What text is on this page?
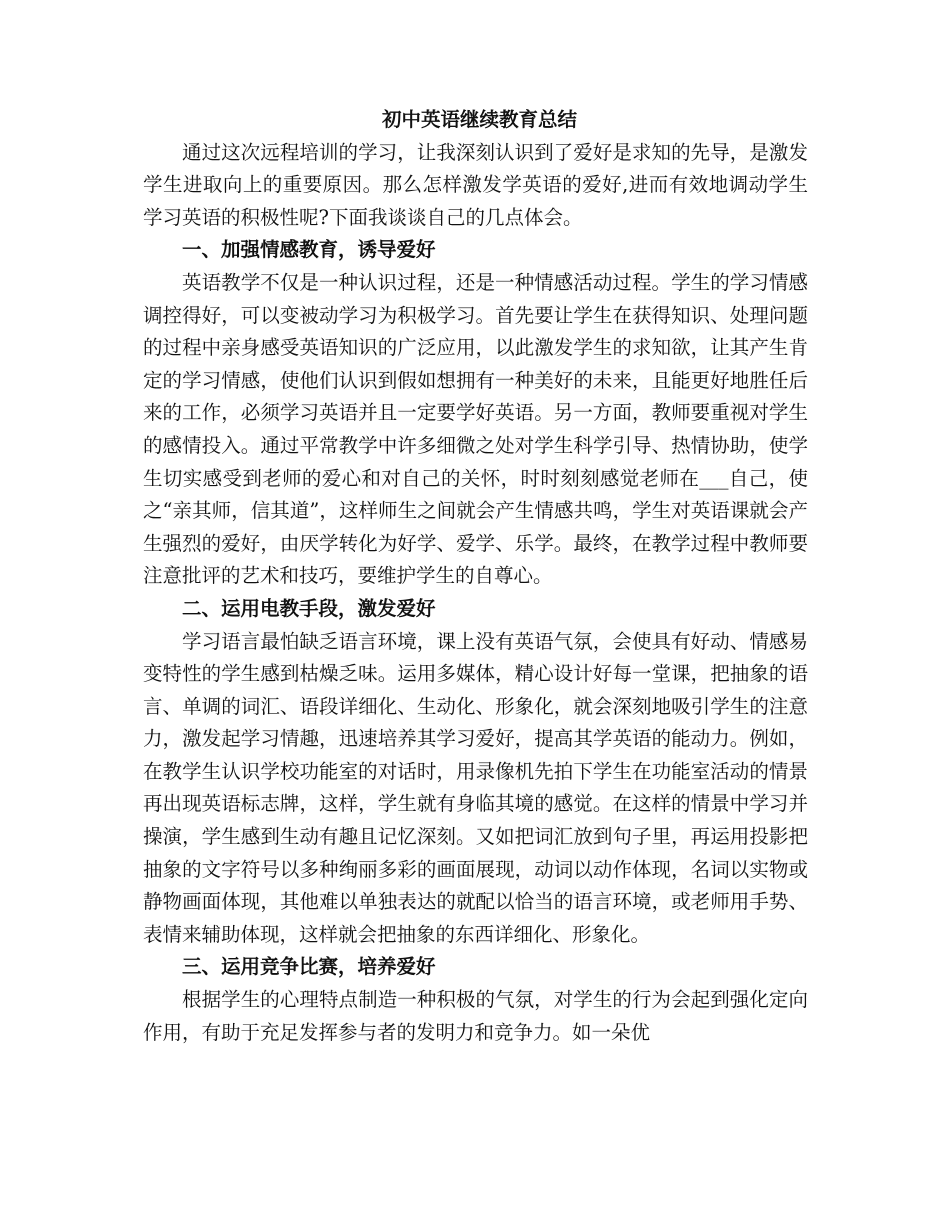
初中英语继续教育总结

通过这次远程培训的学习，让我深刻认识到了爱好是求知的先导，是激发学生进取向上的重要原因。那么怎样激发学英语的爱好,进而有效地调动学生学习英语的积极性呢?下面我谈谈自己的几点体会。

一、加强情感教育，诱导爱好

英语教学不仅是一种认识过程，还是一种情感活动过程。学生的学习情感调控得好，可以变被动学习为积极学习。首先要让学生在获得知识、处理问题的过程中亲身感受英语知识的广泛应用，以此激发学生的求知欲，让其产生肯定的学习情感，使他们认识到假如想拥有一种美好的未来，且能更好地胜任后来的工作，必须学习英语并且一定要学好英语。另一方面，教师要重视对学生的感情投入。通过平常教学中许多细微之处对学生科学引导、热情协助，使学生切实感受到老师的爱心和对自己的关怀，时时刻刻感觉老师在___自己，使之“亲其师，信其道”，这样师生之间就会产生情感共鸣，学生对英语课就会产生强烈的爱好，由厌学转化为好学、爱学、乐学。最终，在教学过程中教师要注意批评的艺术和技巧，要维护学生的自尊心。

二、运用电教手段，激发爱好

学习语言最怕缺乏语言环境，课上没有英语气氛，会使具有好动、情感易变特性的学生感到枯燥乏味。运用多媒体，精心设计好每一堂课，把抽象的语言、单调的词汇、语段详细化、生动化、形象化，就会深刻地吸引学生的注意力，激发起学习情趣，迅速培养其学习爱好，提高其学英语的能动力。例如，在教学生认识学校功能室的对话时，用录像机先拍下学生在功能室活动的情景再出现英语标志牌，这样，学生就有身临其境的感觉。在这样的情景中学习并操演，学生感到生动有趣且记忆深刻。又如把词汇放到句子里，再运用投影把抽象的文字符号以多种绚丽多彩的画面展现，动词以动作体现，名词以实物或静物画面体现，其他难以单独表达的就配以恰当的语言环境，或老师用手势、表情来辅助体现，这样就会把抽象的东西详细化、形象化。

三、运用竞争比赛，培养爱好

根据学生的心理特点制造一种积极的气氛，对学生的行为会起到强化定向作用，有助于充足发挥参与者的发明力和竞争力。如一朵优
